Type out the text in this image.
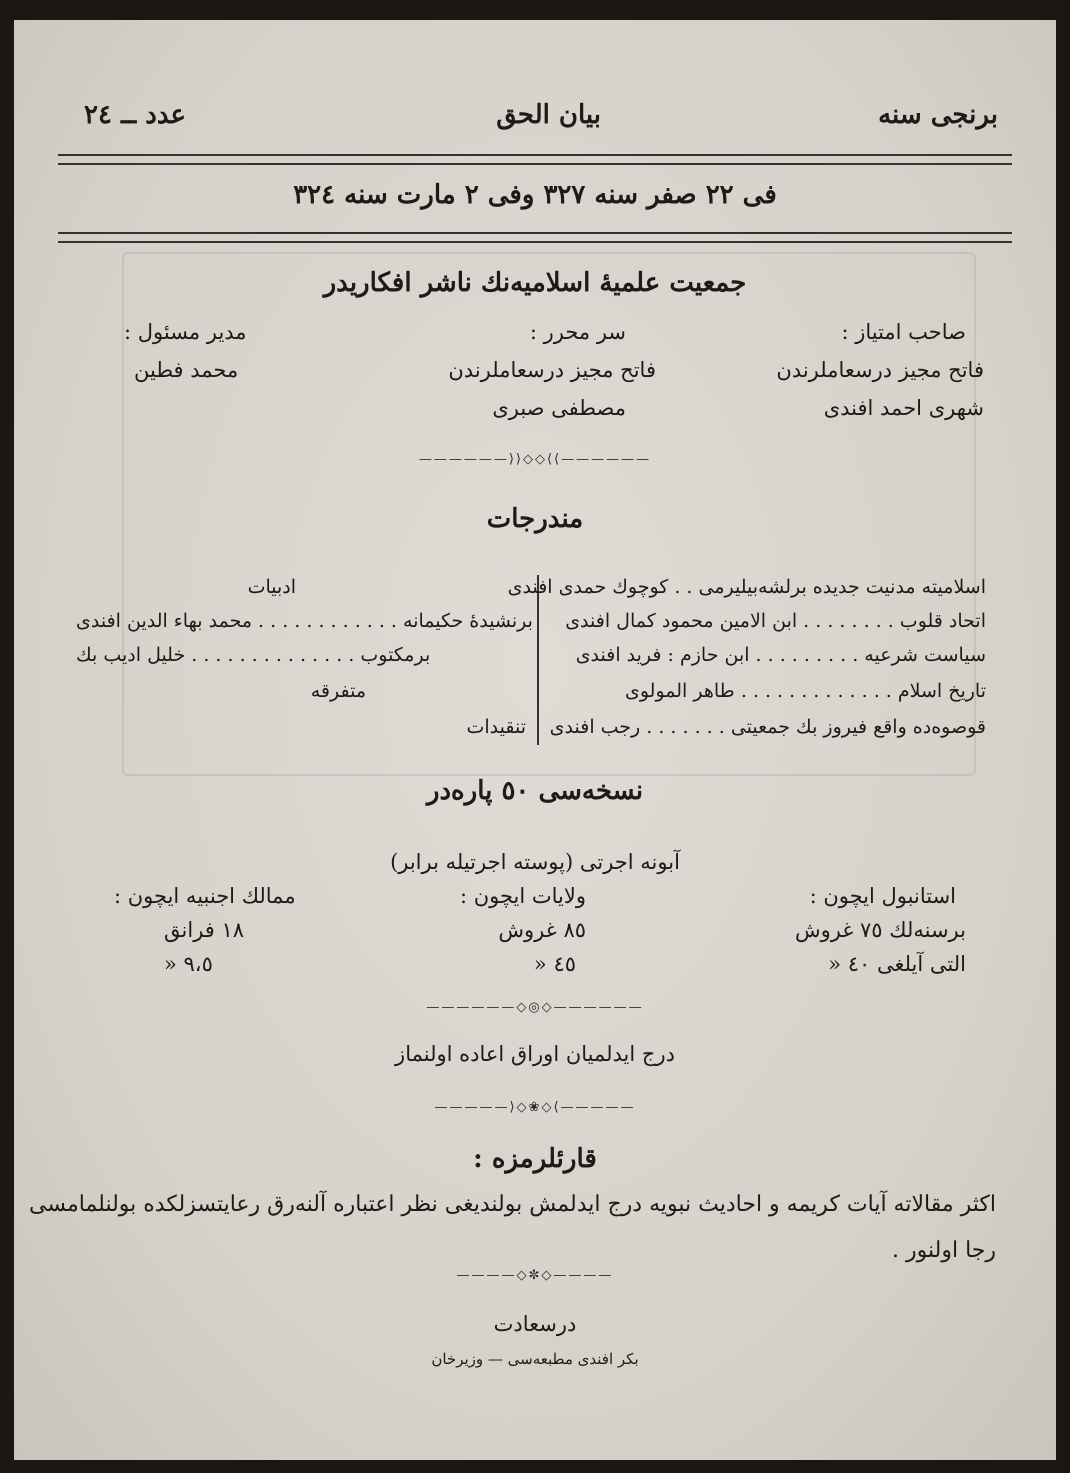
برنجی سنه
بيان الحق
عدد ــ ٢٤
فی ٢٢ صفر سنه ٣٢٧ وفی ٢ مارت سنه ٣٢٤
جمعیت علمیهٔ اسلامیه‌نك ناشر افكاریدر
صاحب امتیاز :
فاتح مجیز درسعاملرندن
شهری احمد افندی
سر محرر :
فاتح مجیز درسعاملرندن
مصطفی صبری
مدیر مسئول :
محمد فطین
——————⟩⟩◇◇⟨⟨——————
مندرجات
اسلامیته مدنیت جدیده برلشه‌بیلیرمی . . كوچوك حمدی افندی
اتحاد قلوب . . . . . . . . ابن الامین محمود كمال افندی
سیاست شرعیه . . . . . . . . . ابن حازم : فرید افندی
تاریخ اسلام . . . . . . . . . . . . . طاهر المولوی
قوصوه‌ده واقع فیروز بك جمعیتی . . . . . . . رجب افندی
ادبیات
برنشیدهٔ حكیمانه . . . . . . . . . . . . محمد بهاء الدین افندی
برمكتوب . . . . . . . . . . . . . . خلیل ادیب بك
متفرقه
تنقیدات
نسخه‌سی ٥٠ پاره‌در
آبونه اجرتی (پوسته اجرتیله برابر)
استانبول ایچون :
برسنه‌لك ٧٥ غروش
التی آیلغی ٤٠ «
ولایات ایچون :
٨٥ غروش
٤٥ «
ممالك اجنبیه ایچون :
١٨ فرانق
٩،٥ «
——————◇◎◇——————
درج ایدلمیان اوراق اعاده اولنماز
—————⟩◇❀◇⟨—————
قارئلرمزه :
اكثر مقالاته آیات كریمه و احادیث نبویه درج ایدلمش بولندیغی نظر اعتباره آلنه‌رق رعایتسزلكده بولنلمامسی
رجا اولنور .
————◇✼◇————
درسعادت
بكر افندی مطبعه‌سی — وزیرخان
